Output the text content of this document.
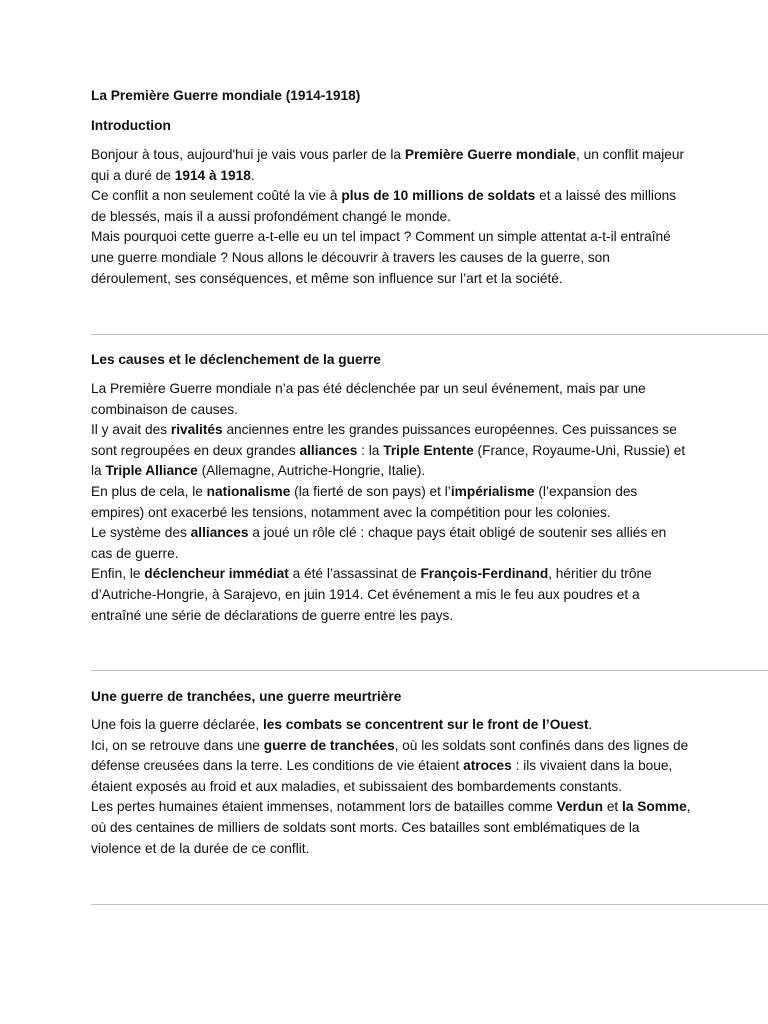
La Première Guerre mondiale (1914-1918)
Introduction
Bonjour à tous, aujourd'hui je vais vous parler de la Première Guerre mondiale, un conflit majeur qui a duré de 1914 à 1918.
Ce conflit a non seulement coûté la vie à plus de 10 millions de soldats et a laissé des millions de blessés, mais il a aussi profondément changé le monde.
Mais pourquoi cette guerre a-t-elle eu un tel impact ? Comment un simple attentat a-t-il entraîné une guerre mondiale ? Nous allons le découvrir à travers les causes de la guerre, son déroulement, ses conséquences, et même son influence sur l’art et la société.
Les causes et le déclenchement de la guerre
La Première Guerre mondiale n’a pas été déclenchée par un seul événement, mais par une combinaison de causes.
Il y avait des rivalités anciennes entre les grandes puissances européennes. Ces puissances se sont regroupées en deux grandes alliances : la Triple Entente (France, Royaume-Uni, Russie) et la Triple Alliance (Allemagne, Autriche-Hongrie, Italie).
En plus de cela, le nationalisme (la fierté de son pays) et l’impérialisme (l’expansion des empires) ont exacerbé les tensions, notamment avec la compétition pour les colonies.
Le système des alliances a joué un rôle clé : chaque pays était obligé de soutenir ses alliés en cas de guerre.
Enfin, le déclencheur immédiat a été l’assassinat de François-Ferdinand, héritier du trône d’Autriche-Hongrie, à Sarajevo, en juin 1914. Cet événement a mis le feu aux poudres et a entraîné une série de déclarations de guerre entre les pays.
Une guerre de tranchées, une guerre meurtrière
Une fois la guerre déclarée, les combats se concentrent sur le front de l’Ouest.
Ici, on se retrouve dans une guerre de tranchées, où les soldats sont confinés dans des lignes de défense creusées dans la terre. Les conditions de vie étaient atroces : ils vivaient dans la boue, étaient exposés au froid et aux maladies, et subissaient des bombardements constants.
Les pertes humaines étaient immenses, notamment lors de batailles comme Verdun et la Somme, où des centaines de milliers de soldats sont morts. Ces batailles sont emblématiques de la violence et de la durée de ce conflit.
